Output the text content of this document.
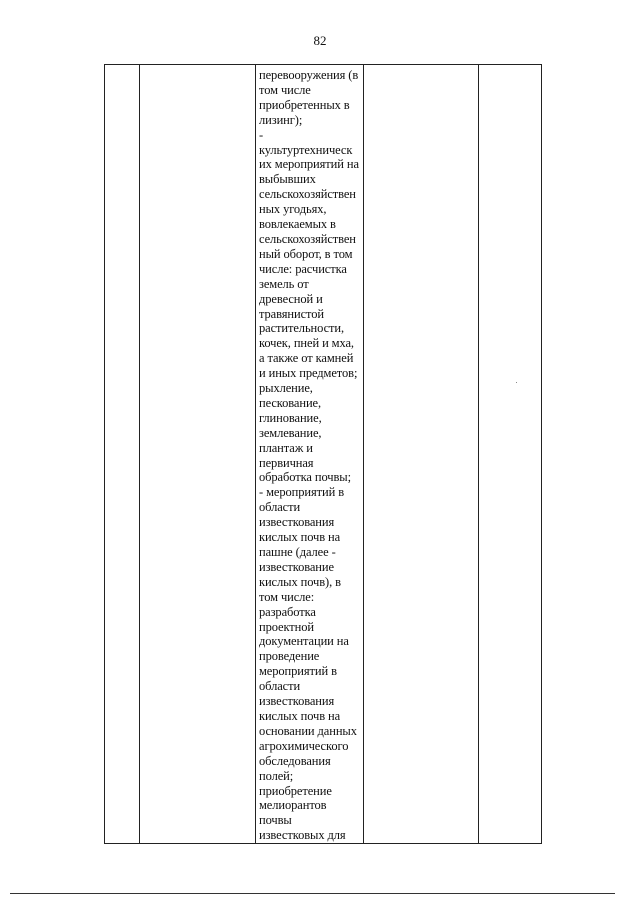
82

перевооружения (в
том числе
приобретенных в
лизинг);
-
культуртехническ
их мероприятий на
выбывших
сельскохозяйствен
ных угодьях,
вовлекаемых в
сельскохозяйствен
ный оборот, в том
числе: расчистка
земель от
древесной и
травянистой
растительности,
кочек, пней и мха,
а также от камней
и иных предметов;
рыхление,
пескование,
глинование,
землевание,
плантаж и
первичная
обработка почвы;
- мероприятий в
области
известкования
кислых почв на
пашне (далее -
известкование
кислых почв), в
том числе:
разработка
проектной
документации на
проведение
мероприятий в
области
известкования
кислых почв на
основании данных
агрохимического
обследования
полей;
приобретение
мелиорантов
почвы
известковых для
